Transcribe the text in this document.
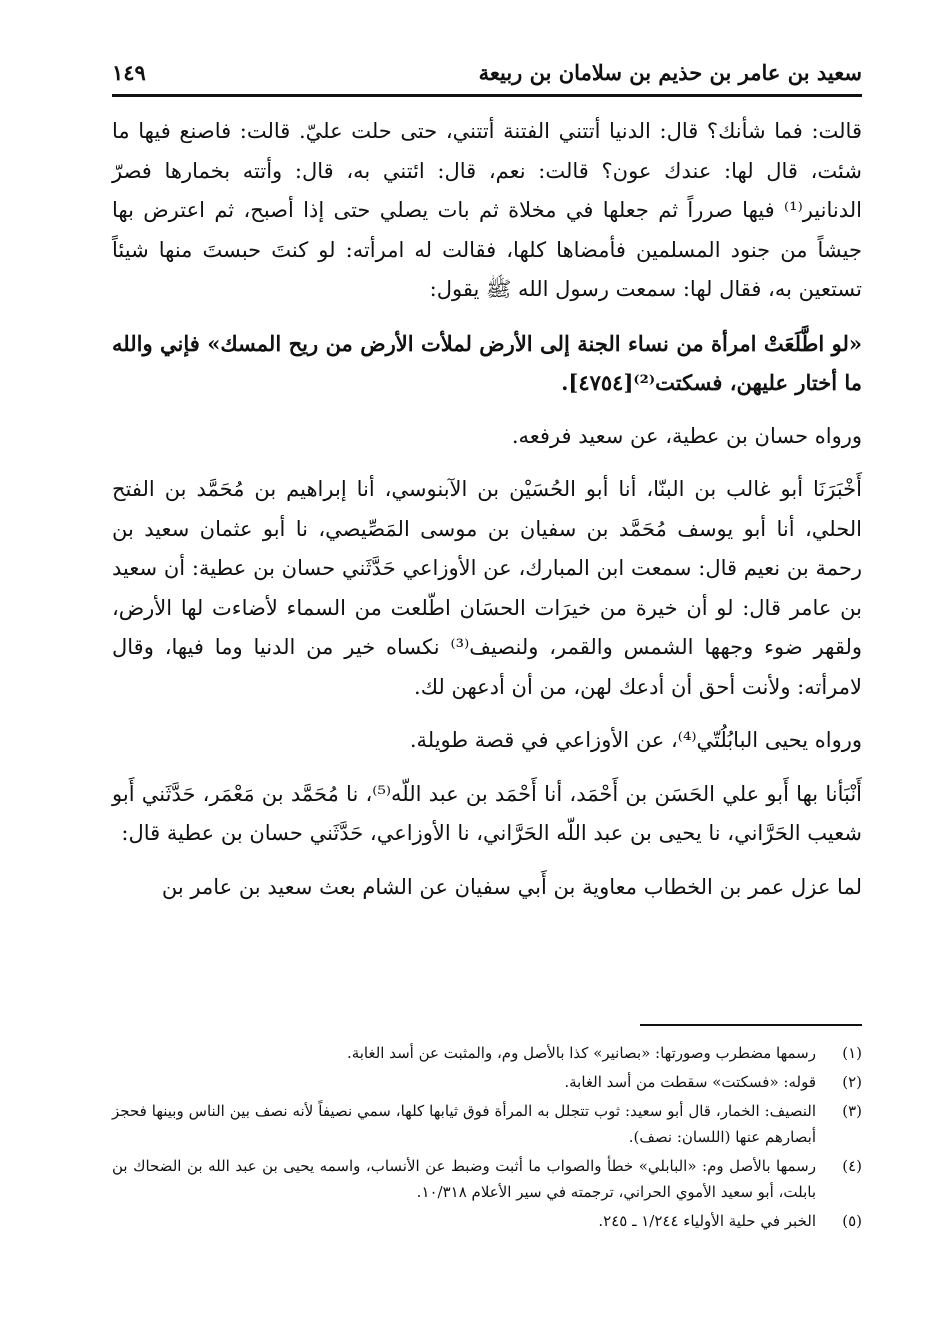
سعيد بن عامر بن حذيم بن سلامان بن ربيعة
١٤٩

قالت: فما شأنك؟ قال: الدنيا أتتني الفتنة أتتني، حتى حلت عليّ. قالت: فاصنع فيها ما شئت، قال لها: عندك عون؟ قالت: نعم، قال: ائتني به، قال: وأتته بخمارها فصرّ الدنانير⁽¹⁾ فيها صرراً ثم جعلها في مخلاة ثم بات يصلي حتى إذا أصبح، ثم اعترض بها جيشاً من جنود المسلمين فأمضاها كلها، فقالت له امرأته: لو كنتَ حبستَ منها شيئاً تستعين به، فقال لها: سمعت رسول الله ﷺ يقول:

«لو اطَّلَعَتْ امرأة من نساء الجنة إلى الأرض لملأت الأرض من ريح المسك» فإني والله ما أختار عليهن، فسكتت⁽²⁾[٤٧٥٤].

ورواه حسان بن عطية، عن سعيد فرفعه.

أَخْبَرَنَا أبو غالب بن البنّا، أنا أبو الحُسَيْن بن الآبنوسي، أنا إبراهيم بن مُحَمَّد بن الفتح الحلي، أنا أبو يوسف مُحَمَّد بن سفيان بن موسى المَصِّيصي، نا أبو عثمان سعيد بن رحمة بن نعيم قال: سمعت ابن المبارك، عن الأوزاعي حَدَّثَني حسان بن عطية: أن سعيد بن عامر قال: لو أن خيرة من خيرَات الحسَان اطّلعت من السماء لأضاءت لها الأرض، ولقهر ضوء وجهها الشمس والقمر، ولنصيف⁽³⁾ نكساه خير من الدنيا وما فيها، وقال لامرأته: ولأنت أحق أن أدعك لهن، من أن أدعهن لك.

ورواه يحيى البابُلُتّي⁽⁴⁾، عن الأوزاعي في قصة طويلة.

أَنْبَأنا بها أَبو علي الحَسَن بن أَحْمَد، أنا أَحْمَد بن عبد اللّه⁽⁵⁾، نا مُحَمَّد بن مَعْمَر، حَدَّثَني أَبو شعيب الحَرَّاني، نا يحيى بن عبد اللّه الحَرَّاني، نا الأوزاعي، حَدَّثَني حسان بن عطية قال:

لما عزل عمر بن الخطاب معاوية بن أَبي سفيان عن الشام بعث سعيد بن عامر بن

(١)
رسمها مضطرب وصورتها: «بصانير» كذا بالأصل وم، والمثبت عن أسد الغابة.
(٢)
قوله: «فسكتت» سقطت من أسد الغابة.
(٣)
النصيف: الخمار، قال أبو سعيد: ثوب تتجلل به المرأة فوق ثيابها كلها، سمي نصيفاً لأنه نصف بين الناس وبينها فحجز أبصارهم عنها (اللسان: نصف).
(٤)
رسمها بالأصل وم: «البابلي» خطأ والصواب ما أثبت وضبط عن الأنساب، واسمه يحيى بن عبد الله بن الضحاك بن بابلت، أبو سعيد الأموي الحراني، ترجمته في سير الأعلام ١٠/٣١٨.
(٥)
الخبر في حلية الأولياء ١/٢٤٤ ـ ٢٤٥.
